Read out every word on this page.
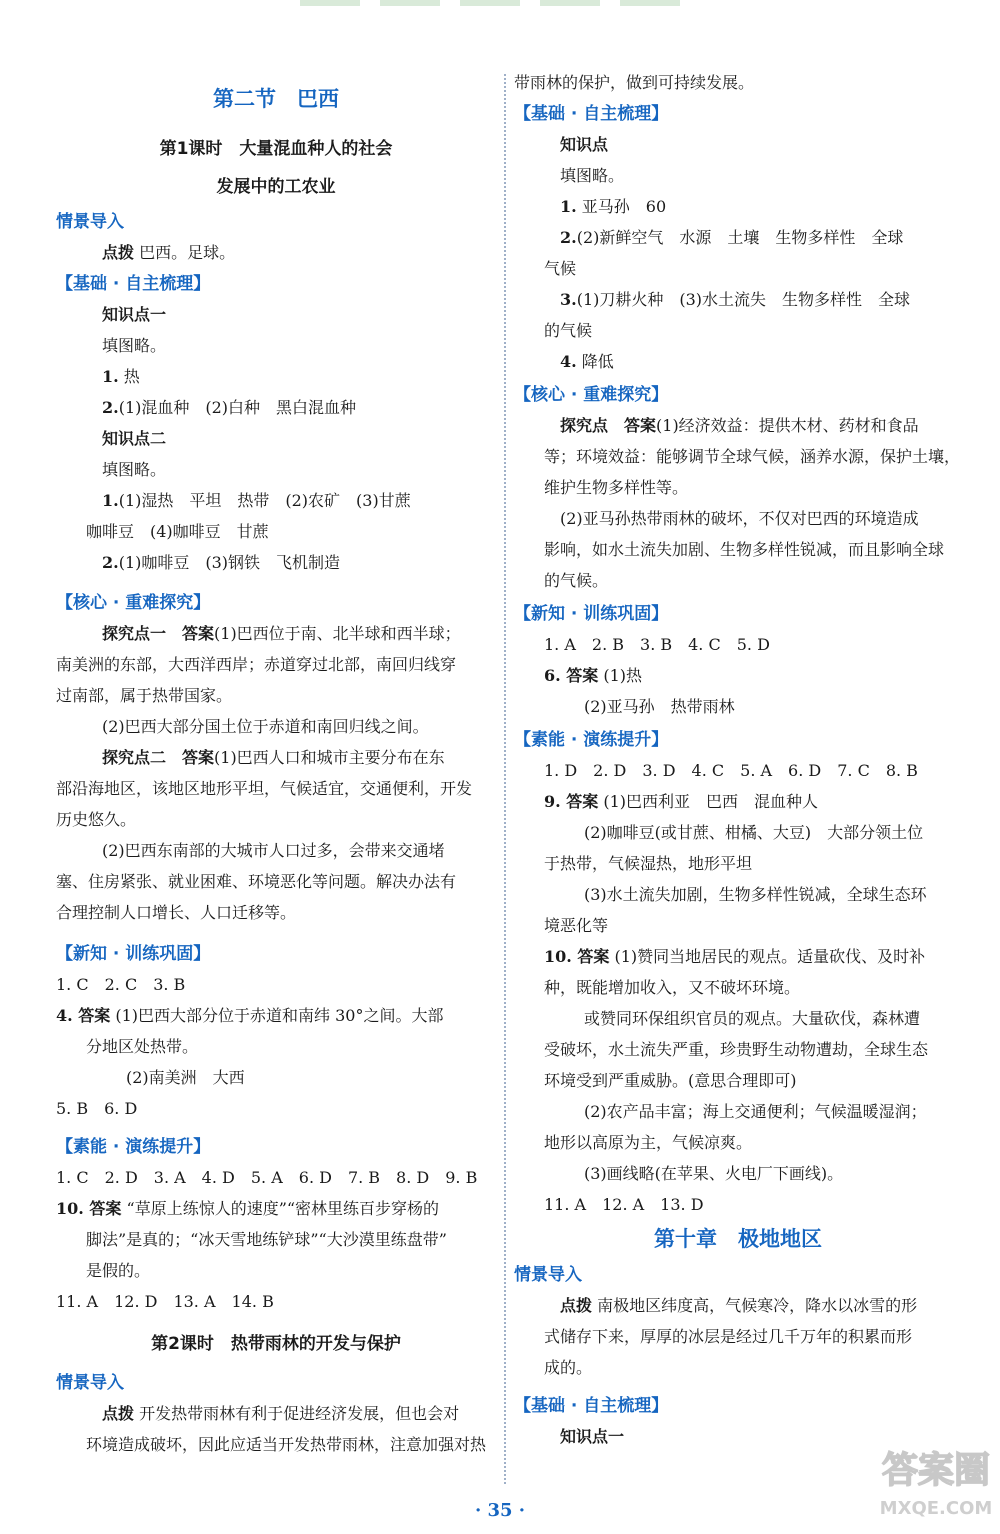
第二节　巴西
第1课时　大量混血种人的社会
发展中的工农业
情景导入
点拨 巴西。足球。
【基础 · 自主梳理】
知识点一
填图略。
1. 热
2.(1)混血种　(2)白种　黑白混血种
知识点二
填图略。
1.(1)湿热　平坦　热带　(2)农矿　(3)甘蔗
咖啡豆　(4)咖啡豆　甘蔗
2.(1)咖啡豆　(3)钢铁　飞机制造
【核心 · 重难探究】
探究点一　答案(1)巴西位于南、北半球和西半球；
南美洲的东部，大西洋西岸；赤道穿过北部，南回归线穿
过南部，属于热带国家。
(2)巴西大部分国土位于赤道和南回归线之间。
探究点二　答案(1)巴西人口和城市主要分布在东
部沿海地区，该地区地形平坦，气候适宜，交通便利，开发
历史悠久。
(2)巴西东南部的大城市人口过多，会带来交通堵
塞、住房紧张、就业困难、环境恶化等问题。解决办法有
合理控制人口增长、人口迁移等。
【新知 · 训练巩固】
1. C　2. C　3. B
4. 答案 (1)巴西大部分位于赤道和南纬 30°之间。大部
分地区处热带。
(2)南美洲　大西
5. B　6. D
【素能 · 演练提升】
1. C　2. D　3. A　4. D　5. A　6. D　7. B　8. D　9. B
10. 答案 “草原上练惊人的速度”“密林里练百步穿杨的
脚法”是真的；“冰天雪地练铲球”“大沙漠里练盘带”
是假的。
11. A　12. D　13. A　14. B
第2课时　热带雨林的开发与保护
情景导入
点拨 开发热带雨林有利于促进经济发展，但也会对
环境造成破坏，因此应适当开发热带雨林，注意加强对热
带雨林的保护，做到可持续发展。
【基础 · 自主梳理】
知识点
填图略。
1. 亚马孙　60
2.(2)新鲜空气　水源　土壤　生物多样性　全球
气候
3.(1)刀耕火种　(3)水土流失　生物多样性　全球
的气候
4. 降低
【核心 · 重难探究】
探究点　答案(1)经济效益：提供木材、药材和食品
等；环境效益：能够调节全球气候，涵养水源，保护土壤，
维护生物多样性等。
(2)亚马孙热带雨林的破坏，不仅对巴西的环境造成
影响，如水土流失加剧、生物多样性锐减，而且影响全球
的气候。
【新知 · 训练巩固】
1. A　2. B　3. B　4. C　5. D
6. 答案 (1)热
(2)亚马孙　热带雨林
【素能 · 演练提升】
1. D　2. D　3. D　4. C　5. A　6. D　7. C　8. B
9. 答案 (1)巴西利亚　巴西　混血种人
(2)咖啡豆(或甘蔗、柑橘、大豆)　大部分领土位
于热带，气候湿热，地形平坦
(3)水土流失加剧，生物多样性锐减，全球生态环
境恶化等
10. 答案 (1)赞同当地居民的观点。适量砍伐、及时补
种，既能增加收入，又不破坏环境。
或赞同环保组织官员的观点。大量砍伐，森林遭
受破坏，水土流失严重，珍贵野生动物遭劫，全球生态
环境受到严重威胁。(意思合理即可)
(2)农产品丰富；海上交通便利；气候温暖湿润；
地形以高原为主，气候凉爽。
(3)画线略(在苹果、火电厂下画线)。
11. A　12. A　13. D
第十章　极地地区
情景导入
点拨 南极地区纬度高，气候寒冷，降水以冰雪的形
式储存下来，厚厚的冰层是经过几千万年的积累而形
成的。
【基础 · 自主梳理】
知识点一
· 35 ·
答案圈
MXQE.COM
